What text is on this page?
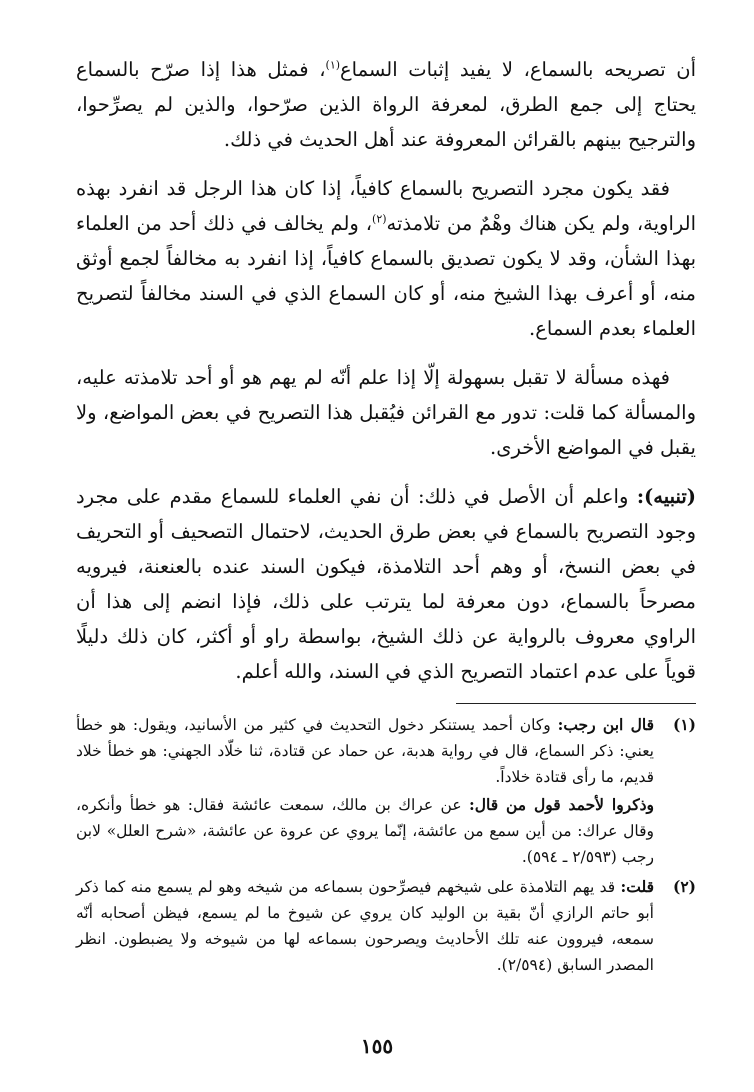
أن تصريحه بالسماع، لا يفيد إثبات السماع$^{(١)}$، فمثل هذا إذا صرّح بالسماع يحتاج إلى جمع الطرق، لمعرفة الرواة الذين صرّحوا، والذين لم يصرِّحوا، والترجيح بينهم بالقرائن المعروفة عند أهل الحديث في ذلك.

فقد يكون مجرد التصريح بالسماع كافياً، إذا كان هذا الرجل قد انفرد بهذه الراوية، ولم يكن هناك وهْمٌ من تلامذته$^{(٢)}$، ولم يخالف في ذلك أحد من العلماء بهذا الشأن، وقد لا يكون تصديق بالسماع كافياً، إذا انفرد به مخالفاً لجمع أوثق منه، أو أعرف بهذا الشيخ منه، أو كان السماع الذي في السند مخالفاً لتصريح العلماء بعدم السماع.

فهذه مسألة لا تقبل بسهولة إلّا إذا علم أنّه لم يهم هو أو أحد تلامذته عليه، والمسألة كما قلت: تدور مع القرائن فيُقبل هذا التصريح في بعض المواضع، ولا يقبل في المواضع الأخرى.

(تنبيه): واعلم أن الأصل في ذلك: أن نفي العلماء للسماع مقدم على مجرد وجود التصريح بالسماع في بعض طرق الحديث، لاحتمال التصحيف أو التحريف في بعض النسخ، أو وهم أحد التلامذة، فيكون السند عنده بالعنعنة، فيرويه مصرحاً بالسماع، دون معرفة لما يترتب على ذلك، فإذا انضم إلى هذا أن الراوي معروف بالرواية عن ذلك الشيخ، بواسطة راو أو أكثر، كان ذلك دليلًا قوياً على عدم اعتماد التصريح الذي في السند، والله أعلم.

(١)

قال ابن رجب: وكان أحمد يستنكر دخول التحديث في كثير من الأسانيد، ويقول: هو خطأ يعني: ذكر السماع، قال في رواية هدبة، عن حماد عن قتادة، ثنا خلّاد الجهني: هو خطأ خلاد قديم، ما رأى قتادة خلاداً.

وذكروا لأحمد قول من قال: عن عراك بن مالك، سمعت عائشة فقال: هو خطأ وأنكره، وقال عراك: من أين سمع من عائشة، إنّما يروي عن عروة عن عائشة، «شرح العلل» لابن رجب (٢/٥٩٣ ـ ٥٩٤).

(٢)

قلت: قد يهم التلامذة على شيخهم فيصرِّحون بسماعه من شيخه وهو لم يسمع منه كما ذكر أبو حاتم الرازي أنّ بقية بن الوليد كان يروي عن شيوخ ما لم يسمع، فيظن أصحابه أنّه سمعه، فيروون عنه تلك الأحاديث ويصرحون بسماعه لها من شيوخه ولا يضبطون. انظر المصدر السابق (٢/٥٩٤).

١٥٥
